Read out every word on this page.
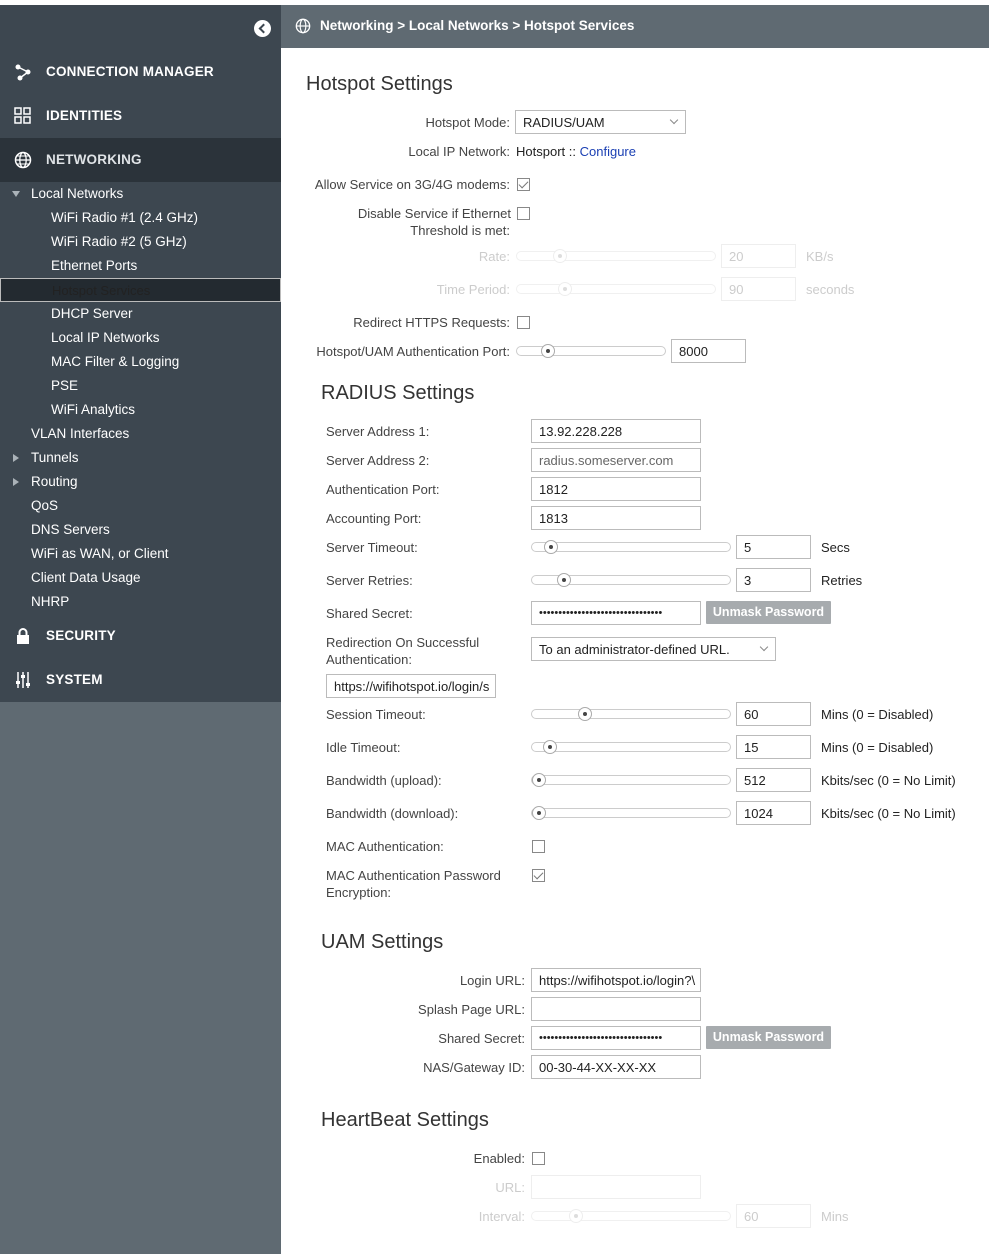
CONNECTION MANAGER
IDENTITIES
NETWORKING
Local Networks
WiFi Radio #1 (2.4 GHz)
WiFi Radio #2 (5 GHz)
Ethernet Ports
Hotspot Services
DHCP Server
Local IP Networks
MAC Filter & Logging
PSE
WiFi Analytics
VLAN Interfaces
Tunnels
Routing
QoS
DNS Servers
WiFi as WAN, or Client
Client Data Usage
NHRP
SECURITY
SYSTEM
Networking > Local Networks > Hotspot Services
Hotspot Settings
Hotspot Mode:	RADIUS/UAM
Local IP Network: Hotsport :: Configure
Allow Service on 3G/4G modems:
Disable Service if Ethernet
Threshold is met:
Rate:	20	KB/s
Time Period:	90	seconds
Redirect HTTPS Requests:
Hotspot/UAM Authentication Port:	8000
RADIUS Settings
Server Address 1:	13.92.228.228
Server Address 2:	radius.someserver.com
Authentication Port:	1812
Accounting Port:	1813
Server Timeout:	5	Secs
Server Retries:	3	Retries
Shared Secret:	••••••••••••••••••••••••••••••••	Unmask Password
Redirection On Successful
Authentication:
To an administrator-defined URL.
https://wifihotspot.io/login/s
Session Timeout:	60	Mins (0 = Disabled)
Idle Timeout:	15	Mins (0 = Disabled)
Bandwidth (upload):	512	Kbits/sec (0 = No Limit)
Bandwidth (download):	1024	Kbits/sec (0 = No Limit)
MAC Authentication:
MAC Authentication Password
Encryption:
UAM Settings
Login URL:	https://wifihotspot.io/login?\
Splash Page URL:
Shared Secret:	••••••••••••••••••••••••••••••••	Unmask Password
NAS/Gateway ID:	00-30-44-XX-XX-XX
HeartBeat Settings
Enabled:
URL:
Interval:	60	Mins
